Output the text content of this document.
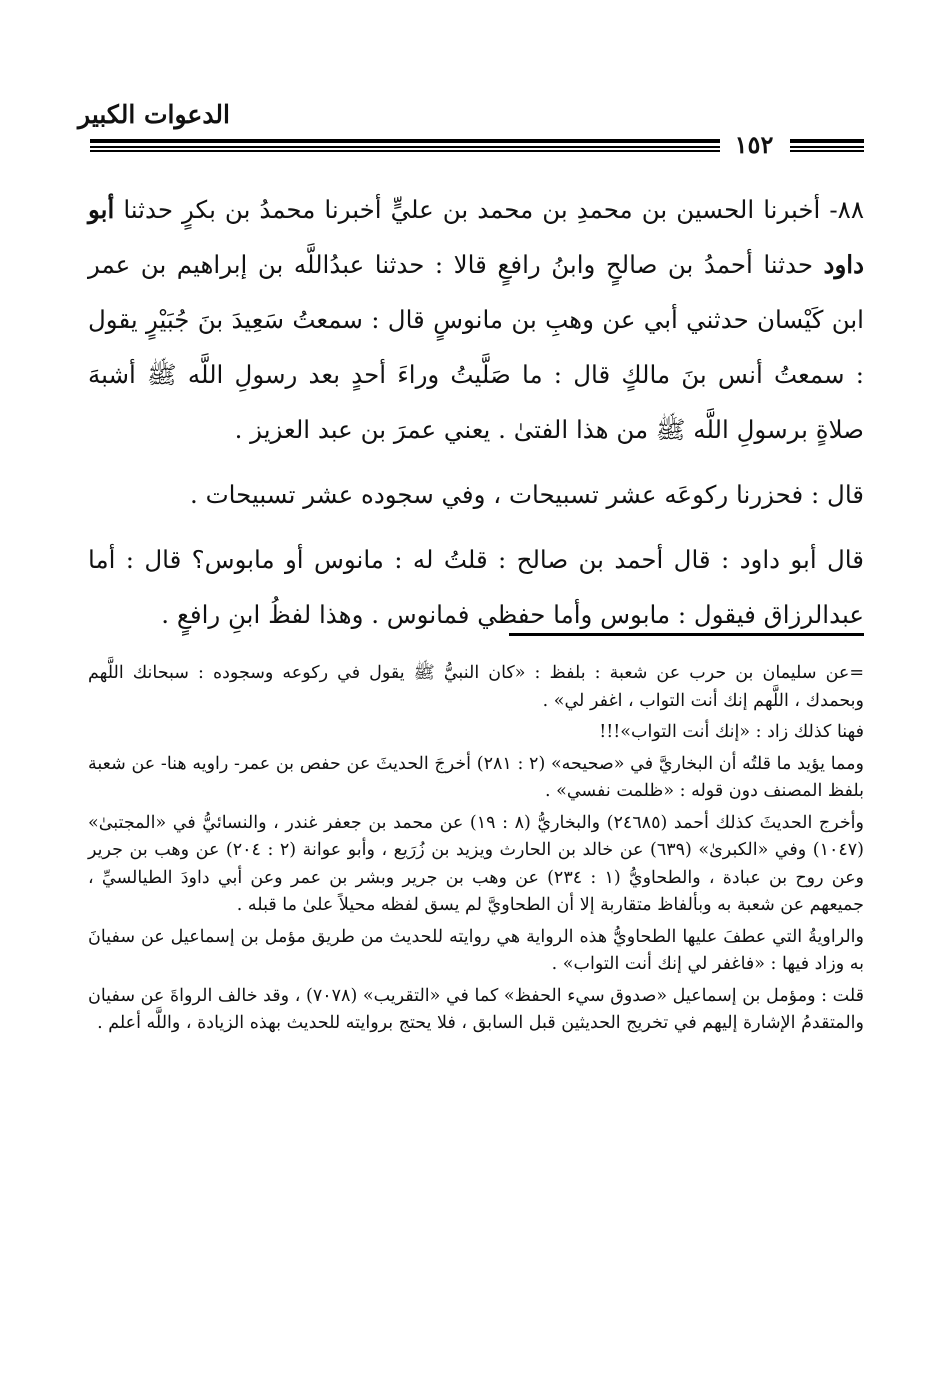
الدعوات الكبير
١٥٢

٨٨- أخبرنا الحسين بن محمدِ بن محمد بن عليٍّ أخبرنا محمدُ بن بكرٍ حدثنا أبو داود حدثنا أحمدُ بن صالحٍ وابنُ رافعٍ قالا : حدثنا عبدُاللَّه بن إبراهيم بن عمر ابن كَيْسان حدثني أبي عن وهبِ بن مانوسٍ قال : سمعتُ سَعِيدَ بنَ جُبَيْرٍ يقول : سمعتُ أنس بنَ مالكٍ قال : ما صَلَّيتُ وراءَ أحدٍ بعد رسولِ اللَّه ﷺ أشبهَ صلاةٍ برسولِ اللَّه ﷺ من هذا الفتىٰ . يعني عمرَ بن عبد العزيز .

قال : فحزرنا ركوعَه عشر تسبيحات ، وفي سجوده عشر تسبيحات .

قال أبو داود : قال أحمد بن صالح : قلتُ له : مانوس أو مابوس؟ قال : أما عبدالرزاق فيقول : مابوس وأما حفظي فمانوس . وهذا لفظُ ابنِ رافعٍ .

=عن سليمان بن حرب عن شعبة : بلفظ : «كان النبيُّ ﷺ يقول في ركوعه وسجوده : سبحانك اللَّهم وبحمدك ، اللَّهم إنك أنت التواب ، اغفر لي» .

فهنا كذلك زاد : «إنك أنت التواب»!!!

ومما يؤيد ما قلتُه أن البخاريَّ في «صحيحه» (٢ : ٢٨١) أخرجَ الحديثَ عن حفص بن عمر- راويه هنا- عن شعبة بلفظ المصنف دون قوله : «ظلمت نفسي» .

وأخرج الحديثَ كذلك أحمد (٢٤٦٨٥) والبخاريُّ (٨ : ١٩) عن محمد بن جعفر غندر ، والنسائيُّ في «المجتبىٰ» (١٠٤٧) وفي «الكبرىٰ» (٦٣٩) عن خالد بن الحارث ويزيد بن زُرَيع ، وأبو عوانة (٢ : ٢٠٤) عن وهب بن جرير وعن روح بن عبادة ، والطحاويُّ (١ : ٢٣٤) عن وهب بن جرير وبشر بن عمر وعن أبي داودَ الطيالسيِّ ، جميعهم عن شعبة به وبألفاظ متقاربة إلا أن الطحاويَّ لم يسق لفظه محيلاً علىٰ ما قبله .

والراويةُ التي عطفَ عليها الطحاويُّ هذه الرواية هي روايته للحديث من طريق مؤمل بن إسماعيل عن سفيانَ به وزاد فيها : «فاغفر لي إنك أنت التواب» .

قلت : ومؤمل بن إسماعيل «صدوق سيء الحفظ» كما في «التقريب» (٧٠٧٨) ، وقد خالف الرواةَ عن سفيان والمتقدمُ الإشارة إليهم في تخريج الحديثين قبل السابق ، فلا يحتج بروايته للحديث بهذه الزيادة ، واللَّه أعلم .
